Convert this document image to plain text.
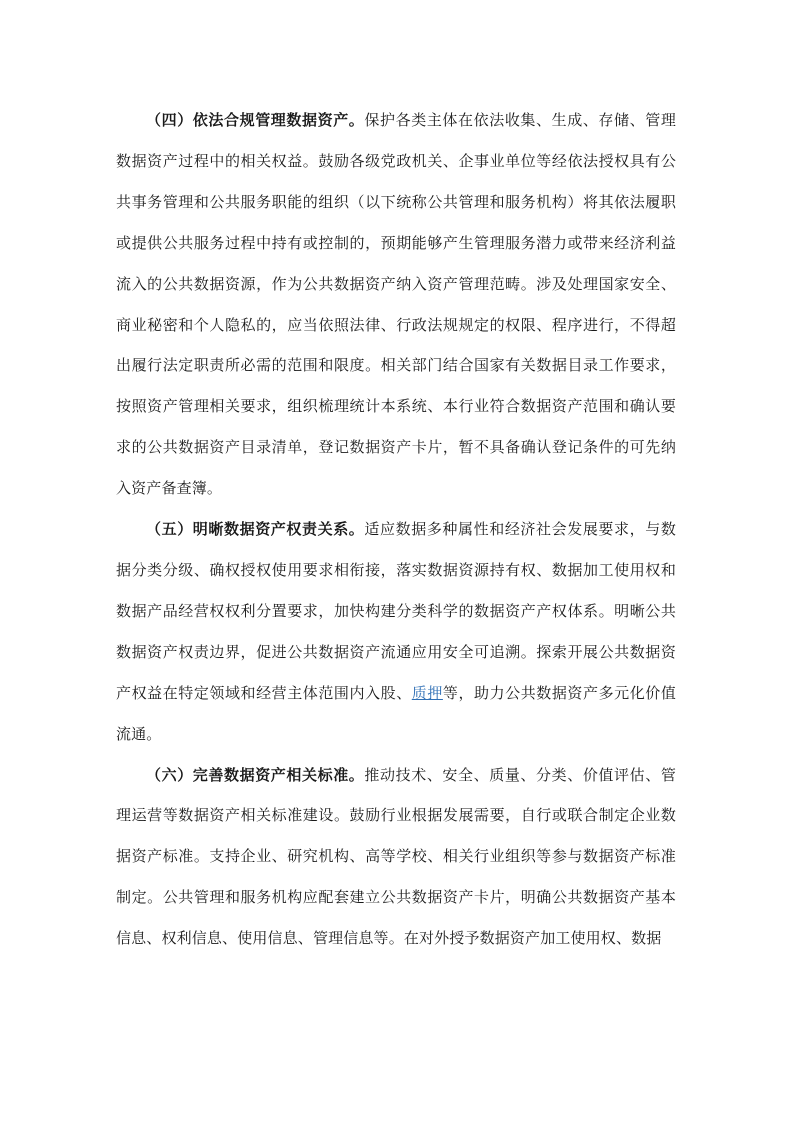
（四）依法合规管理数据资产。保护各类主体在依法收集、生成、存储、管理数据资产过程中的相关权益。鼓励各级党政机关、企事业单位等经依法授权具有公共事务管理和公共服务职能的组织（以下统称公共管理和服务机构）将其依法履职或提供公共服务过程中持有或控制的，预期能够产生管理服务潜力或带来经济利益流入的公共数据资源，作为公共数据资产纳入资产管理范畴。涉及处理国家安全、商业秘密和个人隐私的，应当依照法律、行政法规规定的权限、程序进行，不得超出履行法定职责所必需的范围和限度。相关部门结合国家有关数据目录工作要求，按照资产管理相关要求，组织梳理统计本系统、本行业符合数据资产范围和确认要求的公共数据资产目录清单，登记数据资产卡片，暂不具备确认登记条件的可先纳入资产备查簿。

（五）明晰数据资产权责关系。适应数据多种属性和经济社会发展要求，与数据分类分级、确权授权使用要求相衔接，落实数据资源持有权、数据加工使用权和数据产品经营权权利分置要求，加快构建分类科学的数据资产产权体系。明晰公共数据资产权责边界，促进公共数据资产流通应用安全可追溯。探索开展公共数据资产权益在特定领域和经营主体范围内入股、质押等，助力公共数据资产多元化价值流通。

（六）完善数据资产相关标准。推动技术、安全、质量、分类、价值评估、管理运营等数据资产相关标准建设。鼓励行业根据发展需要，自行或联合制定企业数据资产标准。支持企业、研究机构、高等学校、相关行业组织等参与数据资产标准制定。公共管理和服务机构应配套建立公共数据资产卡片，明确公共数据资产基本信息、权利信息、使用信息、管理信息等。在对外授予数据资产加工使用权、数据
